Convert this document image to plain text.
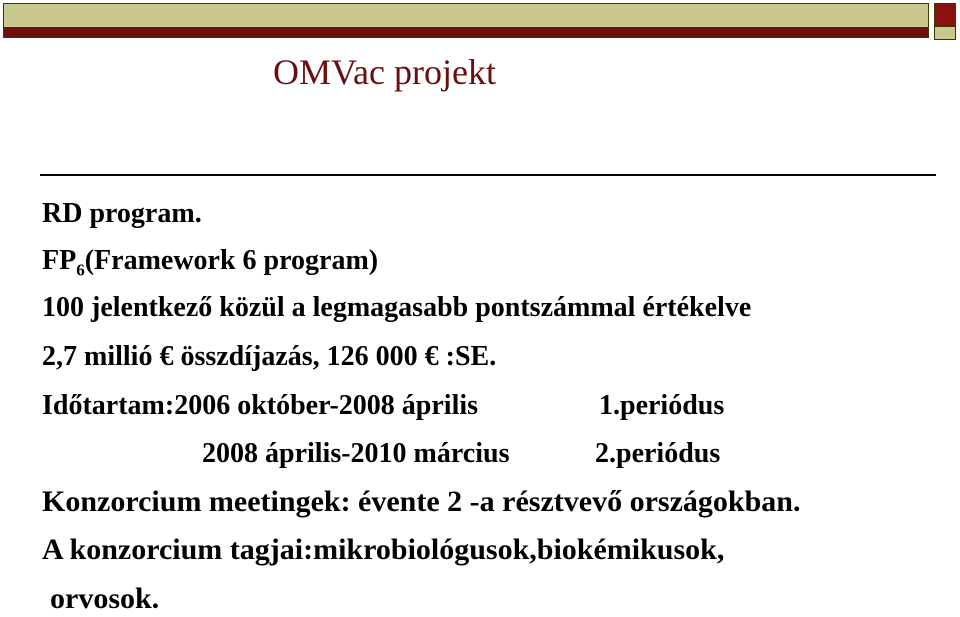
OMVac projekt
RD program.
$FP_6(Framework$ 6 program)
100 jelentkező közül a legmagasabb pontszámmal értékelve
2,7 millió € összdíjazás, 126 000 € :SE.
Időtartam:2006 október-2008 április	1.periódus
2008 április-2010 március	2.periódus
Konzorcium meetingek: évente 2 -a résztvevő országokban.
A konzorcium tagjai:mikrobiológusok,biokémikusok,
orvosok.
